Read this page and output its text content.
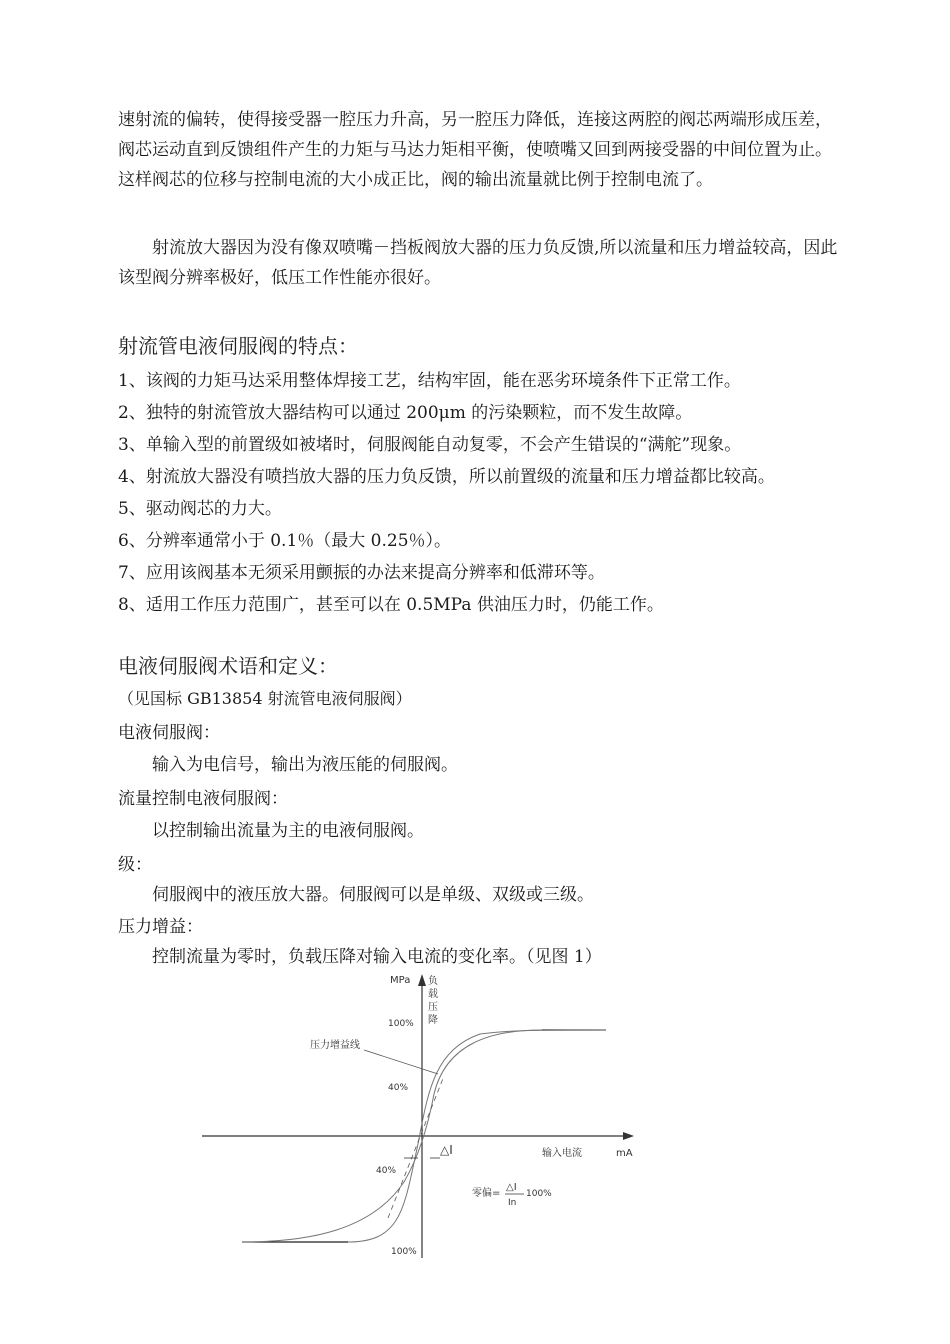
速射流的偏转，使得接受器一腔压力升高，另一腔压力降低，连接这两腔的阀芯两端形成压差，阀芯运动直到反馈组件产生的力矩与马达力矩相平衡，使喷嘴又回到两接受器的中间位置为止。这样阀芯的位移与控制电流的大小成正比，阀的输出流量就比例于控制电流了。

射流放大器因为没有像双喷嘴－挡板阀放大器的压力负反馈,所以流量和压力增益较高，因此该型阀分辨率极好，低压工作性能亦很好。

射流管电液伺服阀的特点：

1、该阀的力矩马达采用整体焊接工艺，结构牢固，能在恶劣环境条件下正常工作。

2、独特的射流管放大器结构可以通过 200μm 的污染颗粒，而不发生故障。

3、单输入型的前置级如被堵时，伺服阀能自动复零，不会产生错误的“满舵”现象。

4、射流放大器没有喷挡放大器的压力负反馈，所以前置级的流量和压力增益都比较高。

5、驱动阀芯的力大。

6、分辨率通常小于 0.1％（最大 0.25％）。

7、应用该阀基本无须采用颤振的办法来提高分辨率和低滞环等。

8、适用工作压力范围广，甚至可以在 0.5MPa 供油压力时，仍能工作。

电液伺服阀术语和定义：

（见国标 GB13854 射流管电液伺服阀）

电液伺服阀：

输入为电信号，输出为液压能的伺服阀。

流量控制电液伺服阀：

以控制输出流量为主的电液伺服阀。

级：

伺服阀中的液压放大器。伺服阀可以是单级、双级或三级。

压力增益：

控制流量为零时，负载压降对输入电流的变化率。（见图 1）

MPa 负
载
压
降
100%
40%
40%
100%
压力增益线
△I	输入电流	mA
零偏=
△I
In
100%
